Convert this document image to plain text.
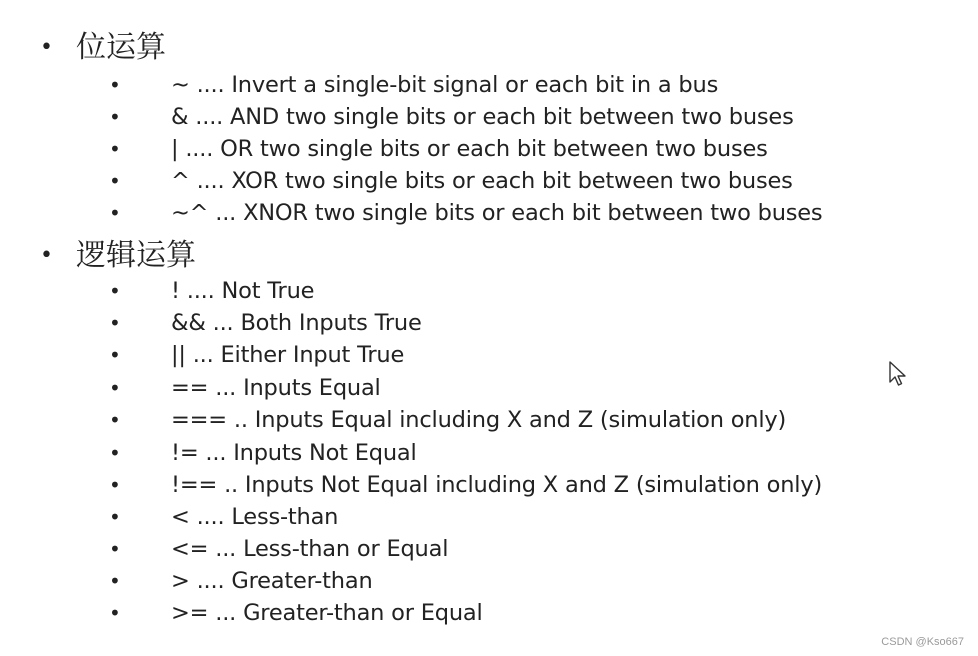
• 位运算
• ~ .... Invert a single-bit signal or each bit in a bus
• & .... AND two single bits or each bit between two buses
• | .... OR two single bits or each bit between two buses
• ^ .... XOR two single bits or each bit between two buses
• ~^ ... XNOR two single bits or each bit between two buses
• 逻辑运算
• ! .... Not True
• && ... Both Inputs True
• || ... Either Input True
• == ... Inputs Equal
• === .. Inputs Equal including X and Z (simulation only)
• != ... Inputs Not Equal
• !== .. Inputs Not Equal including X and Z (simulation only)
• < .... Less-than
• <= ... Less-than or Equal
• > .... Greater-than
• >= ... Greater-than or Equal
CSDN @Kso667
